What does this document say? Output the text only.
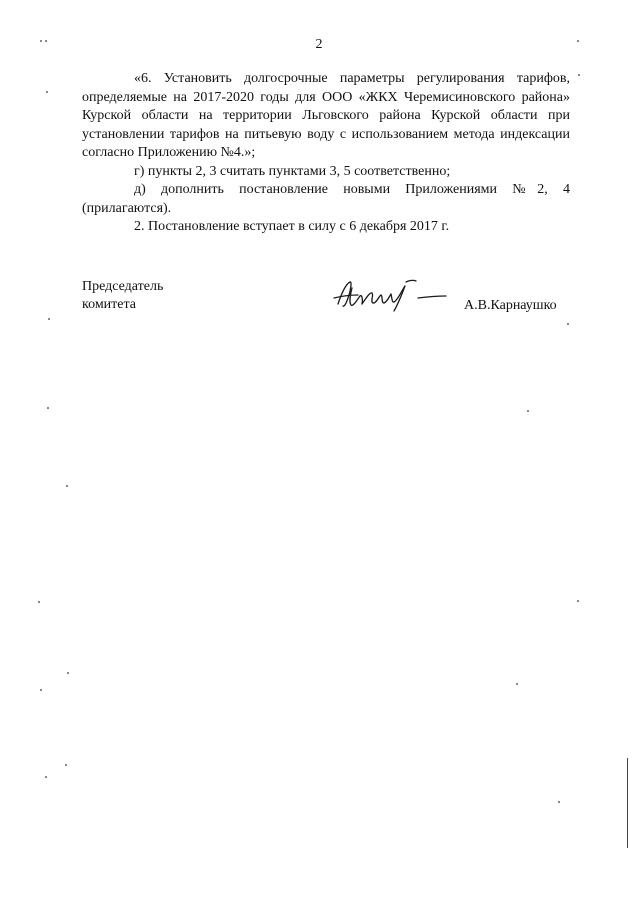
2

«6. Установить долгосрочные параметры регулирования тарифов, определяемые на 2017-2020 годы для ООО «ЖКХ Черемисиновского района» Курской области на территории Льговского района Курской области при установлении тарифов на питьевую воду с использованием метода индексации согласно Приложению №4.»;

г) пункты 2, 3 считать пунктами 3, 5 соответственно;

д) дополнить постановление новыми Приложениями №2, 4 (прилагаются).

2. Постановление вступает в силу с 6 декабря 2017 г.

Председатель
комитета	А.В.Карнаушко
